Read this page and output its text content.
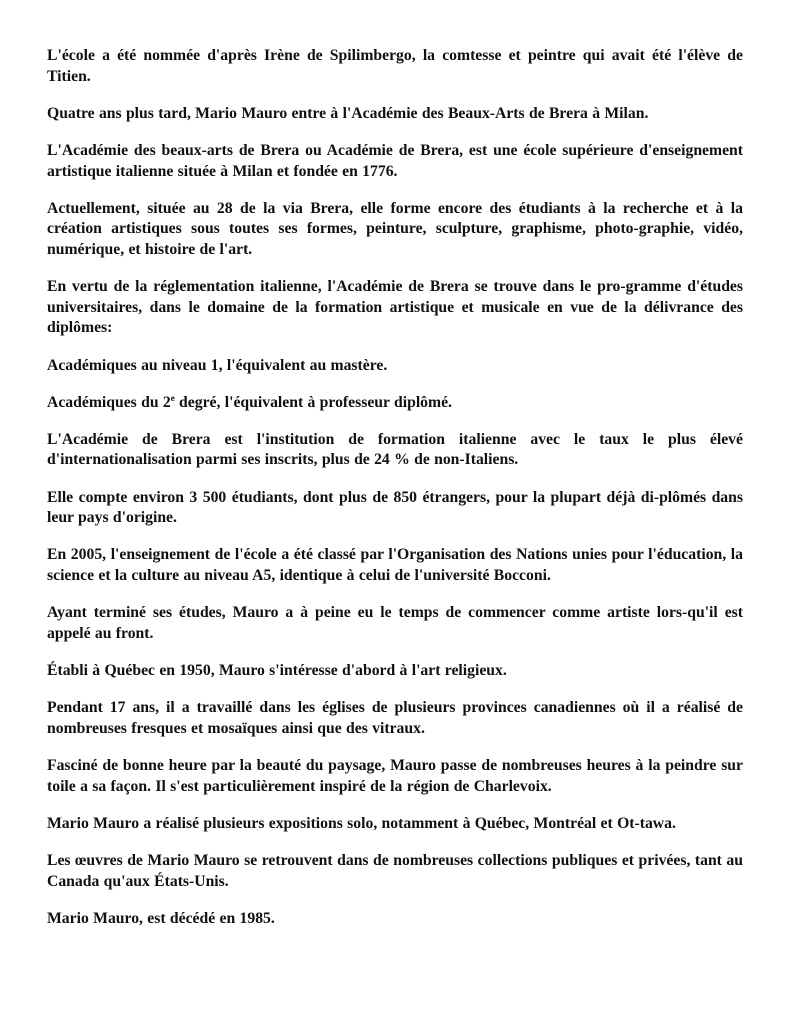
L'école a été nommée d'après Irène de Spilimbergo, la comtesse et peintre qui avait été l'élève de Titien.

Quatre ans plus tard, Mario Mauro entre à l'Académie des Beaux-Arts de Brera à Milan.

L'Académie des beaux-arts de Brera ou Académie de Brera, est une école supérieure d'enseignement artistique italienne située à Milan et fondée en 1776.

Actuellement, située au 28 de la via Brera, elle forme encore des étudiants à la recherche et à la création artistiques sous toutes ses formes, peinture, sculpture, graphisme, photo-graphie, vidéo, numérique, et histoire de l'art.

En vertu de la réglementation italienne, l'Académie de Brera se trouve dans le pro-gramme d'études universitaires, dans le domaine de la formation artistique et musicale en vue de la délivrance des diplômes:

Académiques au niveau 1, l'équivalent au mastère.

Académiques du 2e degré, l'équivalent à professeur diplômé.

L'Académie de Brera est l'institution de formation italienne avec le taux le plus élevé d'internationalisation parmi ses inscrits, plus de 24 % de non-Italiens.

Elle compte environ 3 500 étudiants, dont plus de 850 étrangers, pour la plupart déjà di-plômés dans leur pays d'origine.

En 2005, l'enseignement de l'école a été classé par l'Organisation des Nations unies pour l'éducation, la science et la culture au niveau A5, identique à celui de l'université Bocconi.

Ayant terminé ses études, Mauro a à peine eu le temps de commencer comme artiste lors-qu'il est appelé au front.

Établi à Québec en 1950, Mauro s'intéresse d'abord à l'art religieux.

Pendant 17 ans, il a travaillé dans les églises de plusieurs provinces canadiennes où il a réalisé de nombreuses fresques et mosaïques ainsi que des vitraux.

Fasciné de bonne heure par la beauté du paysage, Mauro passe de nombreuses heures à la peindre sur toile a sa façon. Il s'est particulièrement inspiré de la région de Charlevoix.

Mario Mauro a réalisé plusieurs expositions solo, notamment à Québec, Montréal et Ot-tawa.

Les œuvres de Mario Mauro se retrouvent dans de nombreuses collections publiques et privées, tant au Canada qu'aux États-Unis.

Mario Mauro, est décédé en 1985.
